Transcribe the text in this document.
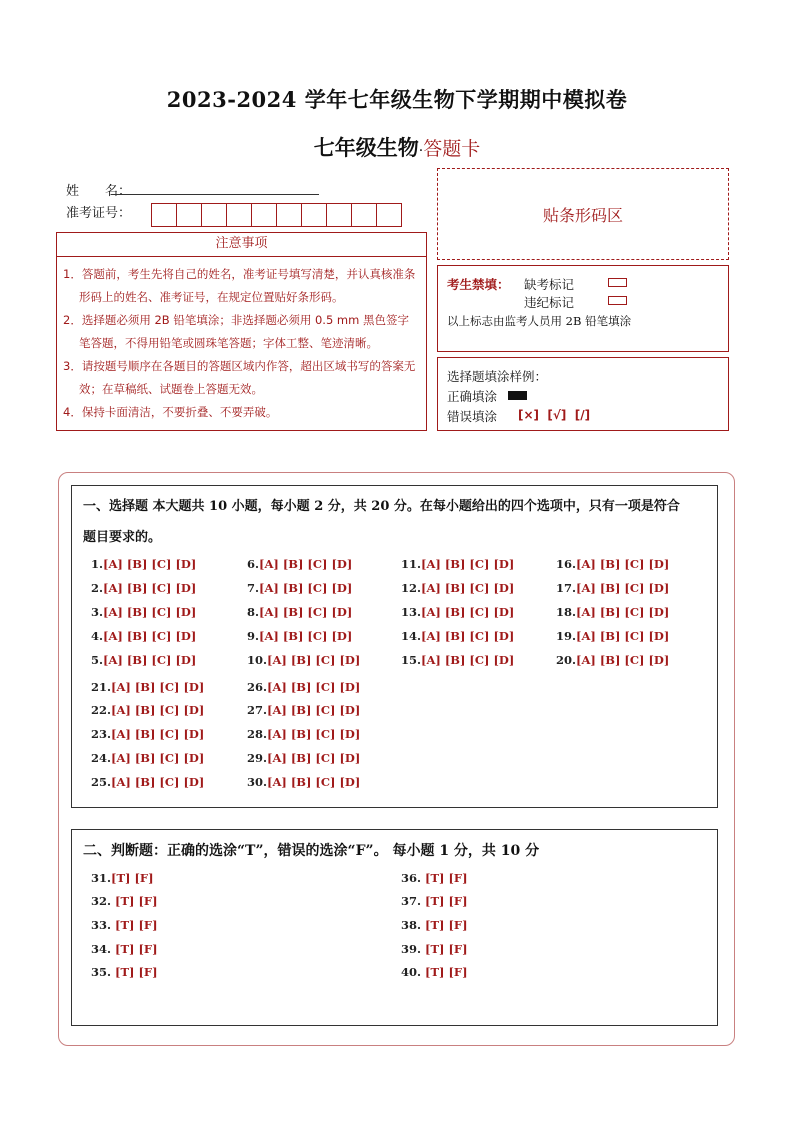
2023-2024 学年七年级生物下学期期中模拟卷
七年级生物·答题卡
姓　　名：
准考证号：	贴条形码区
注意事项
1．答题前，考生先将自己的姓名，准考证号填写清楚，并认真核准条形码上的姓名、准考证号，在规定位置贴好条形码。
2．选择题必须用 2B 铅笔填涂；非选择题必须用 0.5 mm 黑色签字笔答题，不得用铅笔或圆珠笔答题；字体工整、笔迹清晰。
3．请按题号顺序在各题目的答题区域内作答，超出区域书写的答案无效；在草稿纸、试题卷上答题无效。
4．保持卡面清洁，不要折叠、不要弄破。
考生禁填： 缺考标记
违纪标记
以上标志由监考人员用 2B 铅笔填涂
选择题填涂样例：
正确填涂
错误填涂 [×]  [√]  [/]
一、选择题 本大题共 10 小题，每小题 2 分，共 20 分。在每小题给出的四个选项中，只有一项是符合
题目要求的。
1.[A] [B] [C] [D]
2.[A] [B] [C] [D]
3.[A] [B] [C] [D]
4.[A] [B] [C] [D]
5.[A] [B] [C] [D]
6.[A] [B] [C] [D]
7.[A] [B] [C] [D]
8.[A] [B] [C] [D]
9.[A] [B] [C] [D]
10.[A] [B] [C] [D]
11.[A] [B] [C] [D]
12.[A] [B] [C] [D]
13.[A] [B] [C] [D]
14.[A] [B] [C] [D]
15.[A] [B] [C] [D]
16.[A] [B] [C] [D]
17.[A] [B] [C] [D]
18.[A] [B] [C] [D]
19.[A] [B] [C] [D]
20.[A] [B] [C] [D]
21.[A] [B] [C] [D]
22.[A] [B] [C] [D]
23.[A] [B] [C] [D]
24.[A] [B] [C] [D]
25.[A] [B] [C] [D]
26.[A] [B] [C] [D]
27.[A] [B] [C] [D]
28.[A] [B] [C] [D]
29.[A] [B] [C] [D]
30.[A] [B] [C] [D]
二、判断题：正确的选涂“T”，错误的选涂“F”。 每小题 1 分，共 10 分
31.[T] [F]
32. [T] [F]
33. [T] [F]
34. [T] [F]
35. [T] [F]
36. [T] [F]
37. [T] [F]
38. [T] [F]
39. [T] [F]
40. [T] [F]
